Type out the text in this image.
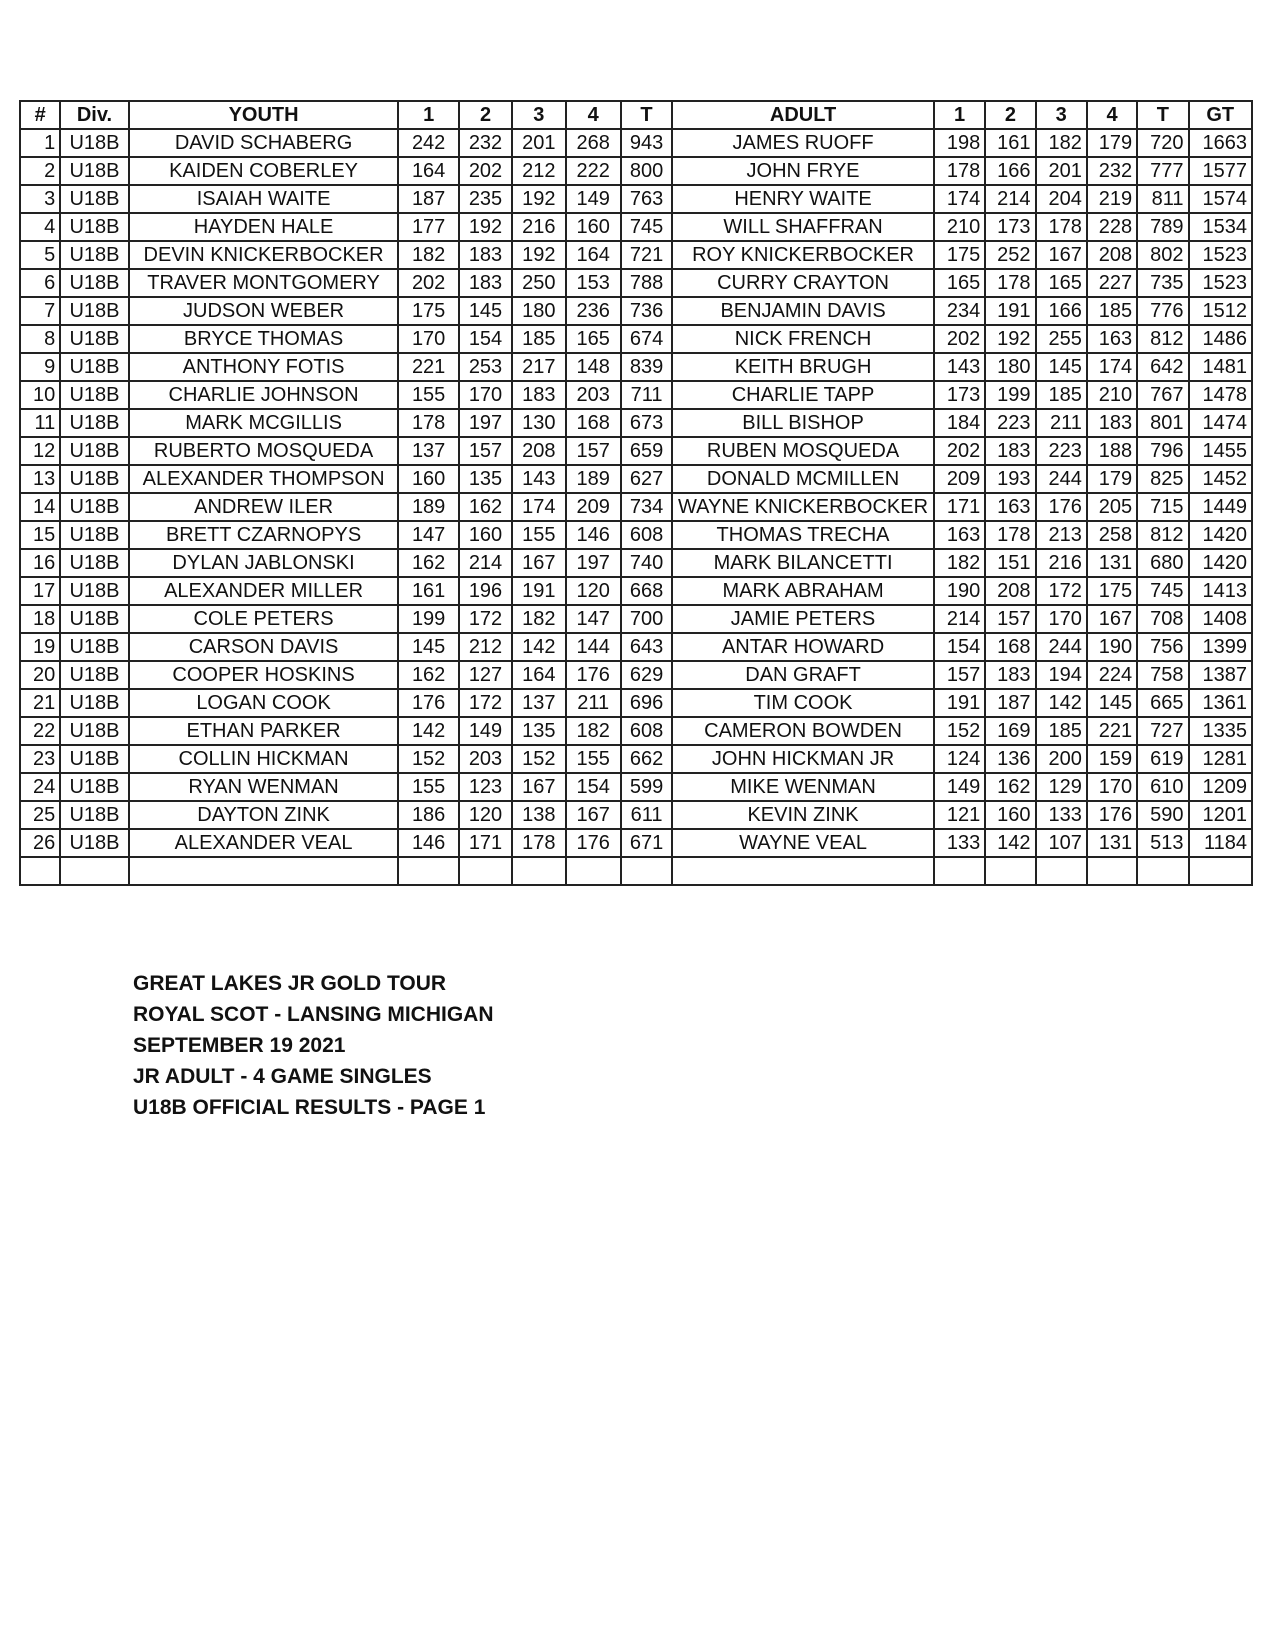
#	Div.	YOUTH	1	2	3	4	T	ADULT	1	2	3	4	T	GT
1	U18B	DAVID SCHABERG	242	232	201	268	943	JAMES RUOFF	198	161	182	179	720	1663
2	U18B	KAIDEN COBERLEY	164	202	212	222	800	JOHN FRYE	178	166	201	232	777	1577
3	U18B	ISAIAH WAITE	187	235	192	149	763	HENRY WAITE	174	214	204	219	811	1574
4	U18B	HAYDEN HALE	177	192	216	160	745	WILL SHAFFRAN	210	173	178	228	789	1534
5	U18B	DEVIN KNICKERBOCKER	182	183	192	164	721	ROY KNICKERBOCKER	175	252	167	208	802	1523
6	U18B	TRAVER MONTGOMERY	202	183	250	153	788	CURRY CRAYTON	165	178	165	227	735	1523
7	U18B	JUDSON WEBER	175	145	180	236	736	BENJAMIN DAVIS	234	191	166	185	776	1512
8	U18B	BRYCE THOMAS	170	154	185	165	674	NICK FRENCH	202	192	255	163	812	1486
9	U18B	ANTHONY FOTIS	221	253	217	148	839	KEITH BRUGH	143	180	145	174	642	1481
10	U18B	CHARLIE JOHNSON	155	170	183	203	711	CHARLIE TAPP	173	199	185	210	767	1478
11	U18B	MARK MCGILLIS	178	197	130	168	673	BILL BISHOP	184	223	211	183	801	1474
12	U18B	RUBERTO MOSQUEDA	137	157	208	157	659	RUBEN MOSQUEDA	202	183	223	188	796	1455
13	U18B	ALEXANDER THOMPSON	160	135	143	189	627	DONALD MCMILLEN	209	193	244	179	825	1452
14	U18B	ANDREW ILER	189	162	174	209	734	WAYNE KNICKERBOCKER	171	163	176	205	715	1449
15	U18B	BRETT CZARNOPYS	147	160	155	146	608	THOMAS TRECHA	163	178	213	258	812	1420
16	U18B	DYLAN JABLONSKI	162	214	167	197	740	MARK BILANCETTI	182	151	216	131	680	1420
17	U18B	ALEXANDER MILLER	161	196	191	120	668	MARK ABRAHAM	190	208	172	175	745	1413
18	U18B	COLE PETERS	199	172	182	147	700	JAMIE PETERS	214	157	170	167	708	1408
19	U18B	CARSON DAVIS	145	212	142	144	643	ANTAR HOWARD	154	168	244	190	756	1399
20	U18B	COOPER HOSKINS	162	127	164	176	629	DAN GRAFT	157	183	194	224	758	1387
21	U18B	LOGAN COOK	176	172	137	211	696	TIM COOK	191	187	142	145	665	1361
22	U18B	ETHAN PARKER	142	149	135	182	608	CAMERON BOWDEN	152	169	185	221	727	1335
23	U18B	COLLIN HICKMAN	152	203	152	155	662	JOHN HICKMAN JR	124	136	200	159	619	1281
24	U18B	RYAN WENMAN	155	123	167	154	599	MIKE WENMAN	149	162	129	170	610	1209
25	U18B	DAYTON ZINK	186	120	138	167	611	KEVIN ZINK	121	160	133	176	590	1201
26	U18B	ALEXANDER VEAL	146	171	178	176	671	WAYNE VEAL	133	142	107	131	513	1184

GREAT LAKES JR GOLD TOUR
ROYAL SCOT - LANSING MICHIGAN
SEPTEMBER 19 2021
JR ADULT - 4 GAME SINGLES
U18B OFFICIAL RESULTS - PAGE 1
